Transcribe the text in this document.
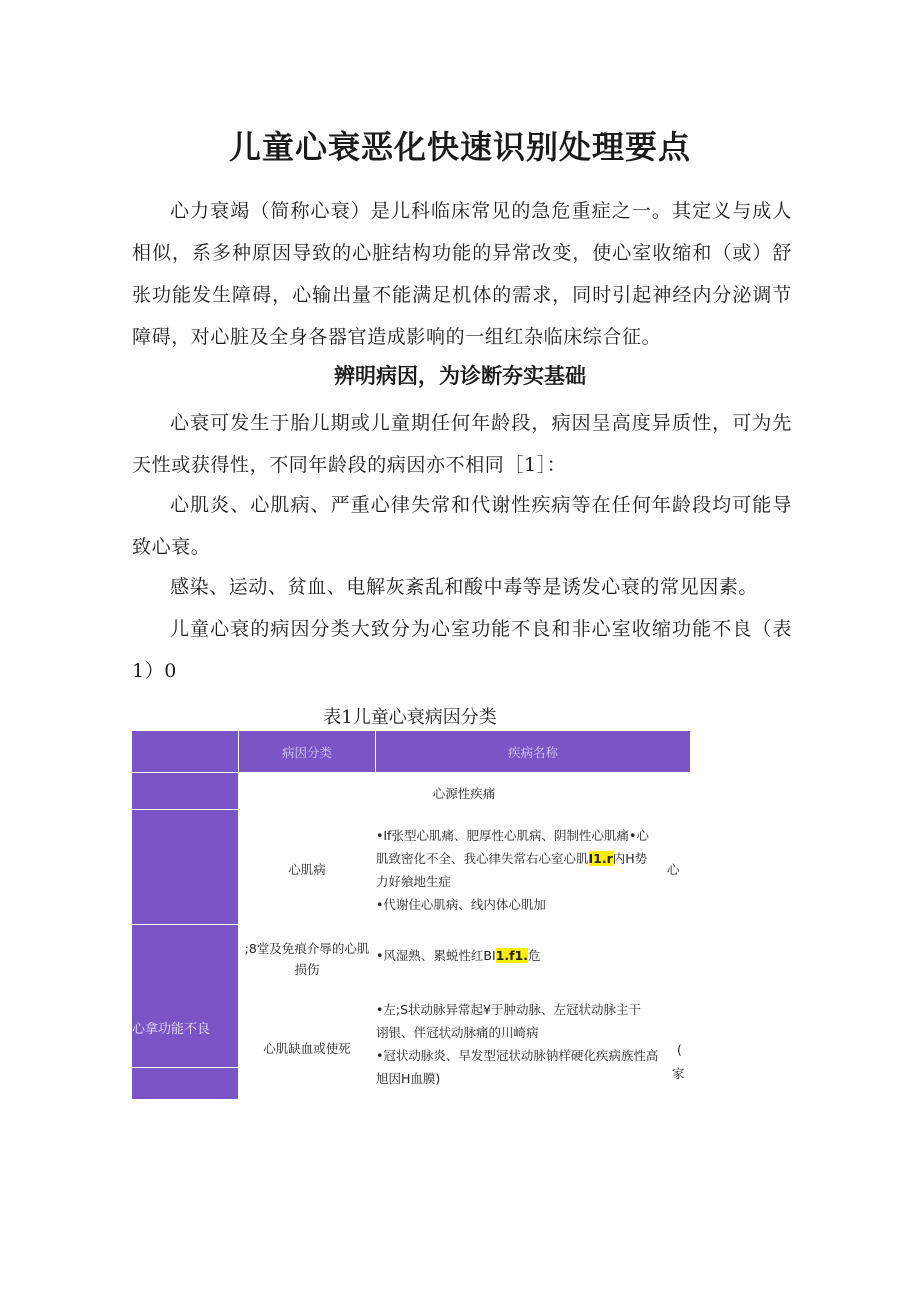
儿童心衰恶化快速识别处理要点

心力衰竭（简称心衰）是儿科临床常见的急危重症之一。其定义与成人相似，系多种原因导致的心脏结构功能的异常改变，使心室收缩和（或）舒张功能发生障碍，心输出量不能满足机体的需求，同时引起神经内分泌调节障碍，对心脏及全身各器官造成影响的一组红杂临床综合征。

辨明病因，为诊断夯实基础

心衰可发生于胎儿期或儿童期任何年龄段，病因呈高度异质性，可为先天性或获得性，不同年龄段的病因亦不相同［1］：

心肌炎、心肌病、严重心律失常和代谢性疾病等在任何年龄段均可能导致心衰。

感染、运动、贫血、电解灰紊乱和酸中毒等是诱发心衰的常见因素。

儿童心衰的病因分类大致分为心室功能不良和非心室收缩功能不良（表1）0

表1儿童心衰病因分类
病因分类	疾病名称
心拿功能不良
心源性疾痛
心肌病
•If张型心肌痛、肥厚性心肌病、阴制性心肌痛•心
肌致密化不全、我心律失常右心室心肌I1.r内H势
力好飨地生症
•代谢住心肌病、线内体心肌加
心
;8堂及免痕介辱的心肌损伤
•风湿熟、累蜕性红BI1.f1.危
心肌缺血或使死
•左;S状动脉异常起¥于肿动脉、左冠状动脉主干
诩银、伴冠状动脉痛的川崎病
•冠状动脉炎、早发型冠状动脉钠样硬化疾病族性高
旭因H血膜)
(
家
